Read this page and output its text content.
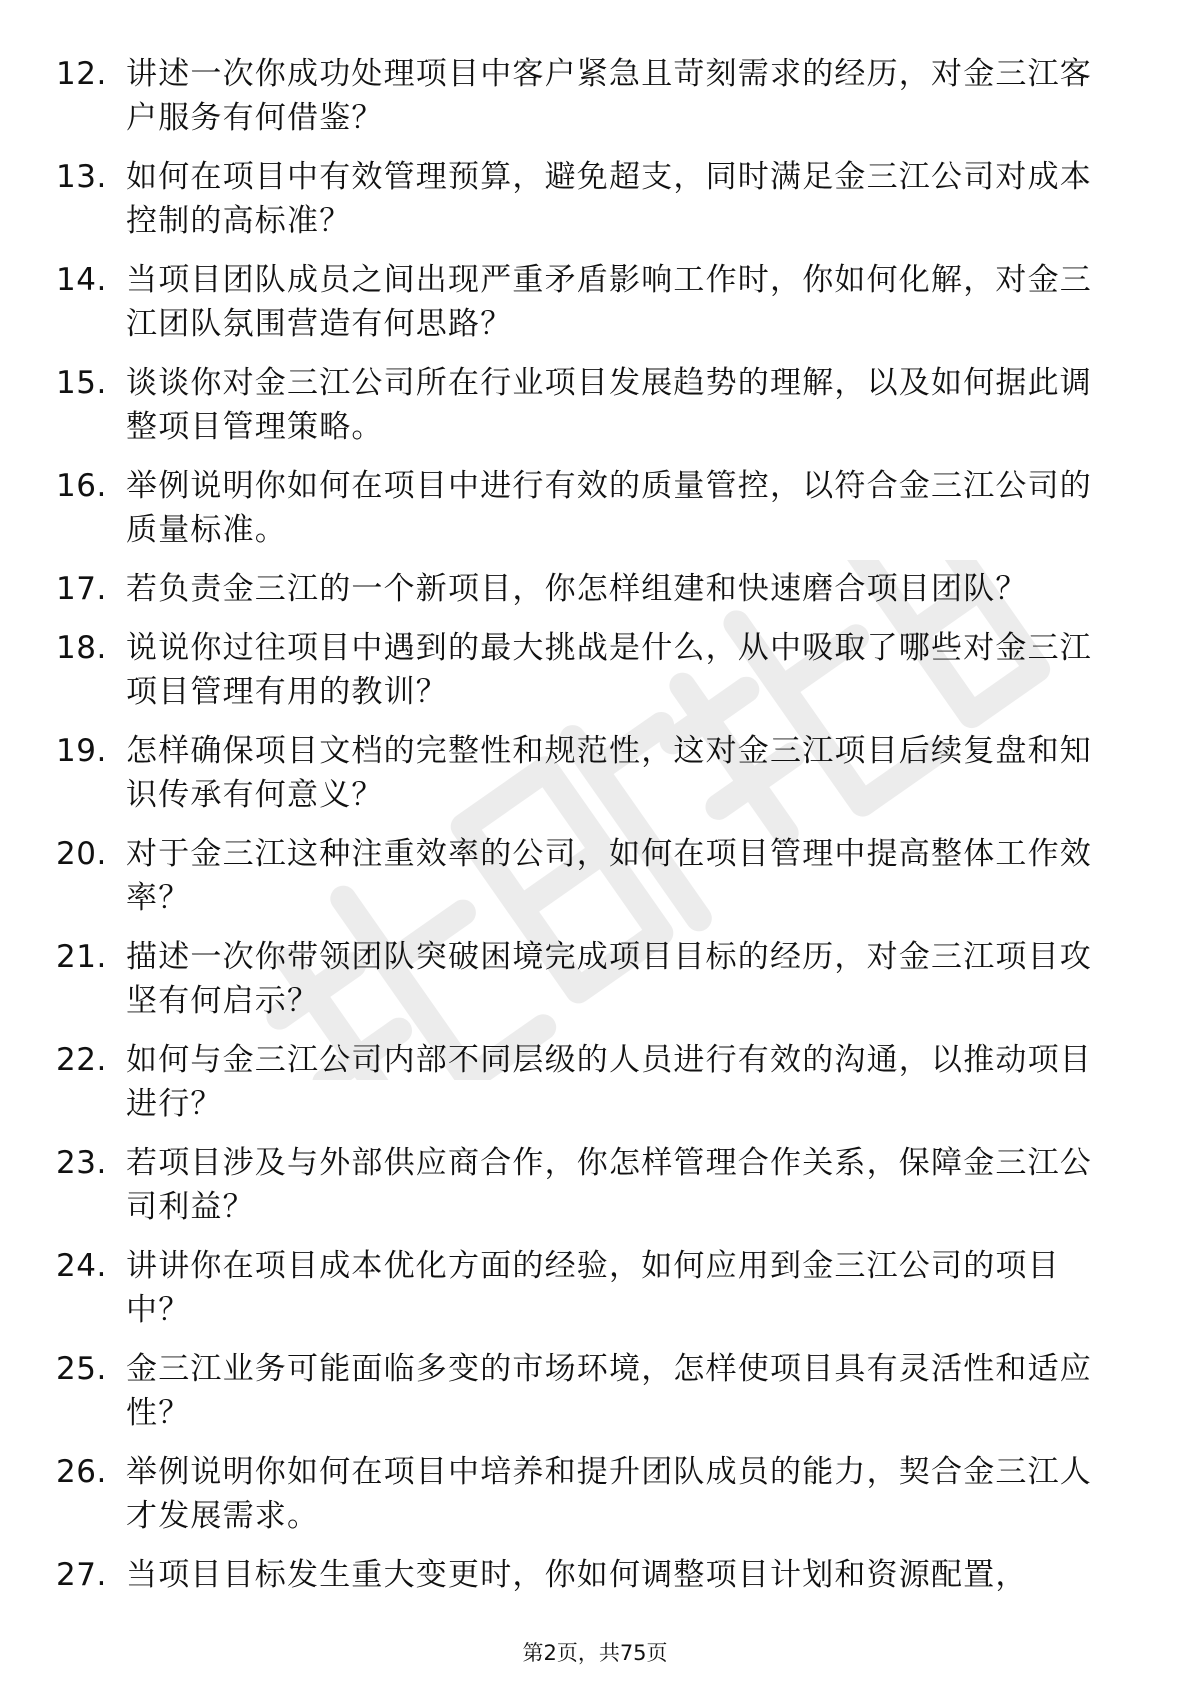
12. 讲述一次你成功处理项目中客户紧急且苛刻需求的经历，对金三江客户服务有何借鉴？
13. 如何在项目中有效管理预算，避免超支，同时满足金三江公司对成本控制的高标准？
14. 当项目团队成员之间出现严重矛盾影响工作时，你如何化解，对金三江团队氛围营造有何思路？
15. 谈谈你对金三江公司所在行业项目发展趋势的理解，以及如何据此调整项目管理策略。
16. 举例说明你如何在项目中进行有效的质量管控，以符合金三江公司的质量标准。
17. 若负责金三江的一个新项目，你怎样组建和快速磨合项目团队？
18. 说说你过往项目中遇到的最大挑战是什么，从中吸取了哪些对金三江项目管理有用的教训？
19. 怎样确保项目文档的完整性和规范性，这对金三江项目后续复盘和知识传承有何意义？
20. 对于金三江这种注重效率的公司，如何在项目管理中提高整体工作效率？
21. 描述一次你带领团队突破困境完成项目目标的经历，对金三江项目攻坚有何启示？
22. 如何与金三江公司内部不同层级的人员进行有效的沟通，以推动项目进行？
23. 若项目涉及与外部供应商合作，你怎样管理合作关系，保障金三江公司利益？
24. 讲讲你在项目成本优化方面的经验，如何应用到金三江公司的项目中？
25. 金三江业务可能面临多变的市场环境，怎样使项目具有灵活性和适应性？
26. 举例说明你如何在项目中培养和提升团队成员的能力，契合金三江人才发展需求。
27. 当项目目标发生重大变更时，你如何调整项目计划和资源配置，
第2页，共75页
